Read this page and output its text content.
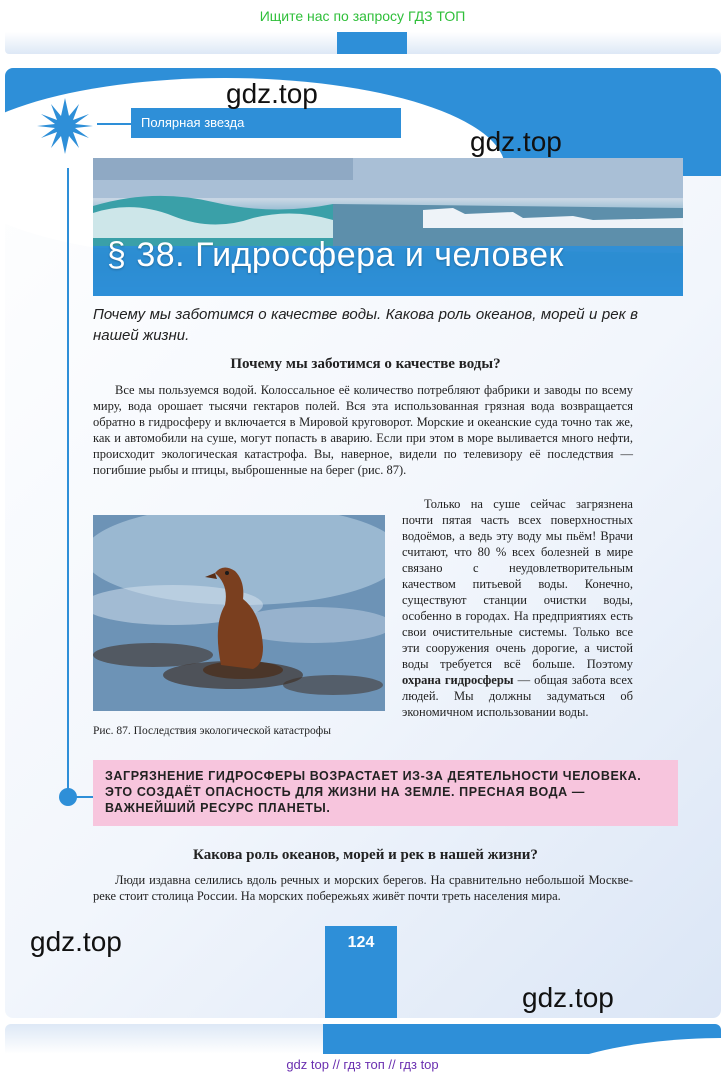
Ищите нас по запросу ГДЗ ТОП
Полярная звезда
§ 38. Гидросфера и человек
Почему мы заботимся о качестве воды. Какова роль океанов, морей и рек в нашей жизни.
Почему мы заботимся о качестве воды?

Все мы пользуемся водой. Колоссальное её количество потребляют фабрики и заводы по всему миру, вода орошает тысячи гектаров полей. Вся эта использованная грязная вода возвращается обратно в гидросферу и включается в Мировой круговорот. Морские и океанские суда точно так же, как и автомобили на суше, могут попасть в аварию. Если при этом в море выливается много нефти, происходит экологическая катастрофа. Вы, наверное, видели по телевизору её последствия — погибшие рыбы и птицы, выброшенные на берег (рис. 87).

Только на суше сейчас загрязнена почти пятая часть всех поверхностных водоёмов, а ведь эту воду мы пьём! Врачи считают, что 80 % всех болезней в мире связано с неудовлетворительным качеством питьевой воды. Конечно, существуют станции очистки воды, особенно в городах. На предприятиях есть свои очистительные системы. Только все эти сооружения очень дорогие, а чистой воды требуется всё больше. Поэтому охрана гидросферы — общая забота всех людей. Мы должны задуматься об экономичном использовании воды.

Рис. 87. Последствия экологической катастрофы
ЗАГРЯЗНЕНИЕ ГИДРОСФЕРЫ ВОЗРАСТАЕТ ИЗ-ЗА ДЕЯТЕЛЬНОСТИ ЧЕЛОВЕКА. ЭТО СОЗДАЁТ ОПАСНОСТЬ ДЛЯ ЖИЗНИ НА ЗЕМЛЕ. ПРЕСНАЯ ВОДА — ВАЖНЕЙШИЙ РЕСУРС ПЛАНЕТЫ.
Какова роль океанов, морей и рек в нашей жизни?

Люди издавна селились вдоль речных и морских берегов. На сравнительно небольшой Москве-реке стоит столица России. На морских побережьях живёт почти треть населения мира.

124
gdz.top
gdz.top
gdz.top
gdz.top
gdz top // гдз топ // гдз top
